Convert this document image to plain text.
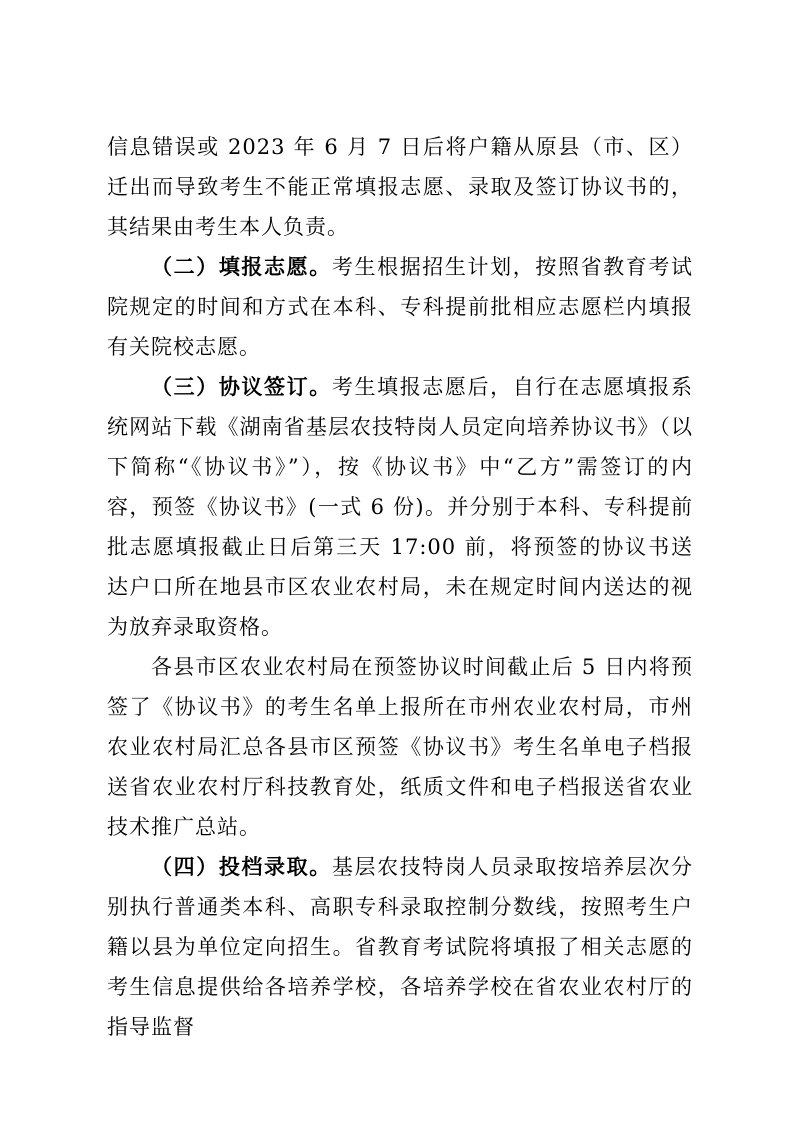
信息错误或 2023 年 6 月 7 日后将户籍从原县（市、区）迁出而导致考生不能正常填报志愿、录取及签订协议书的，其结果由考生本人负责。

（二）填报志愿。考生根据招生计划，按照省教育考试院规定的时间和方式在本科、专科提前批相应志愿栏内填报有关院校志愿。

（三）协议签订。考生填报志愿后，自行在志愿填报系统网站下载《湖南省基层农技特岗人员定向培养协议书》（以下简称“《协议书》”），按《协议书》中“乙方”需签订的内容，预签《协议书》(一式 6 份)。并分别于本科、专科提前批志愿填报截止日后第三天 17:00 前，将预签的协议书送达户口所在地县市区农业农村局，未在规定时间内送达的视为放弃录取资格。

各县市区农业农村局在预签协议时间截止后 5 日内将预签了《协议书》的考生名单上报所在市州农业农村局，市州农业农村局汇总各县市区预签《协议书》考生名单电子档报送省农业农村厅科技教育处，纸质文件和电子档报送省农业技术推广总站。

（四）投档录取。基层农技特岗人员录取按培养层次分别执行普通类本科、高职专科录取控制分数线，按照考生户籍以县为单位定向招生。省教育考试院将填报了相关志愿的考生信息提供给各培养学校，各培养学校在省农业农村厅的指导监督
